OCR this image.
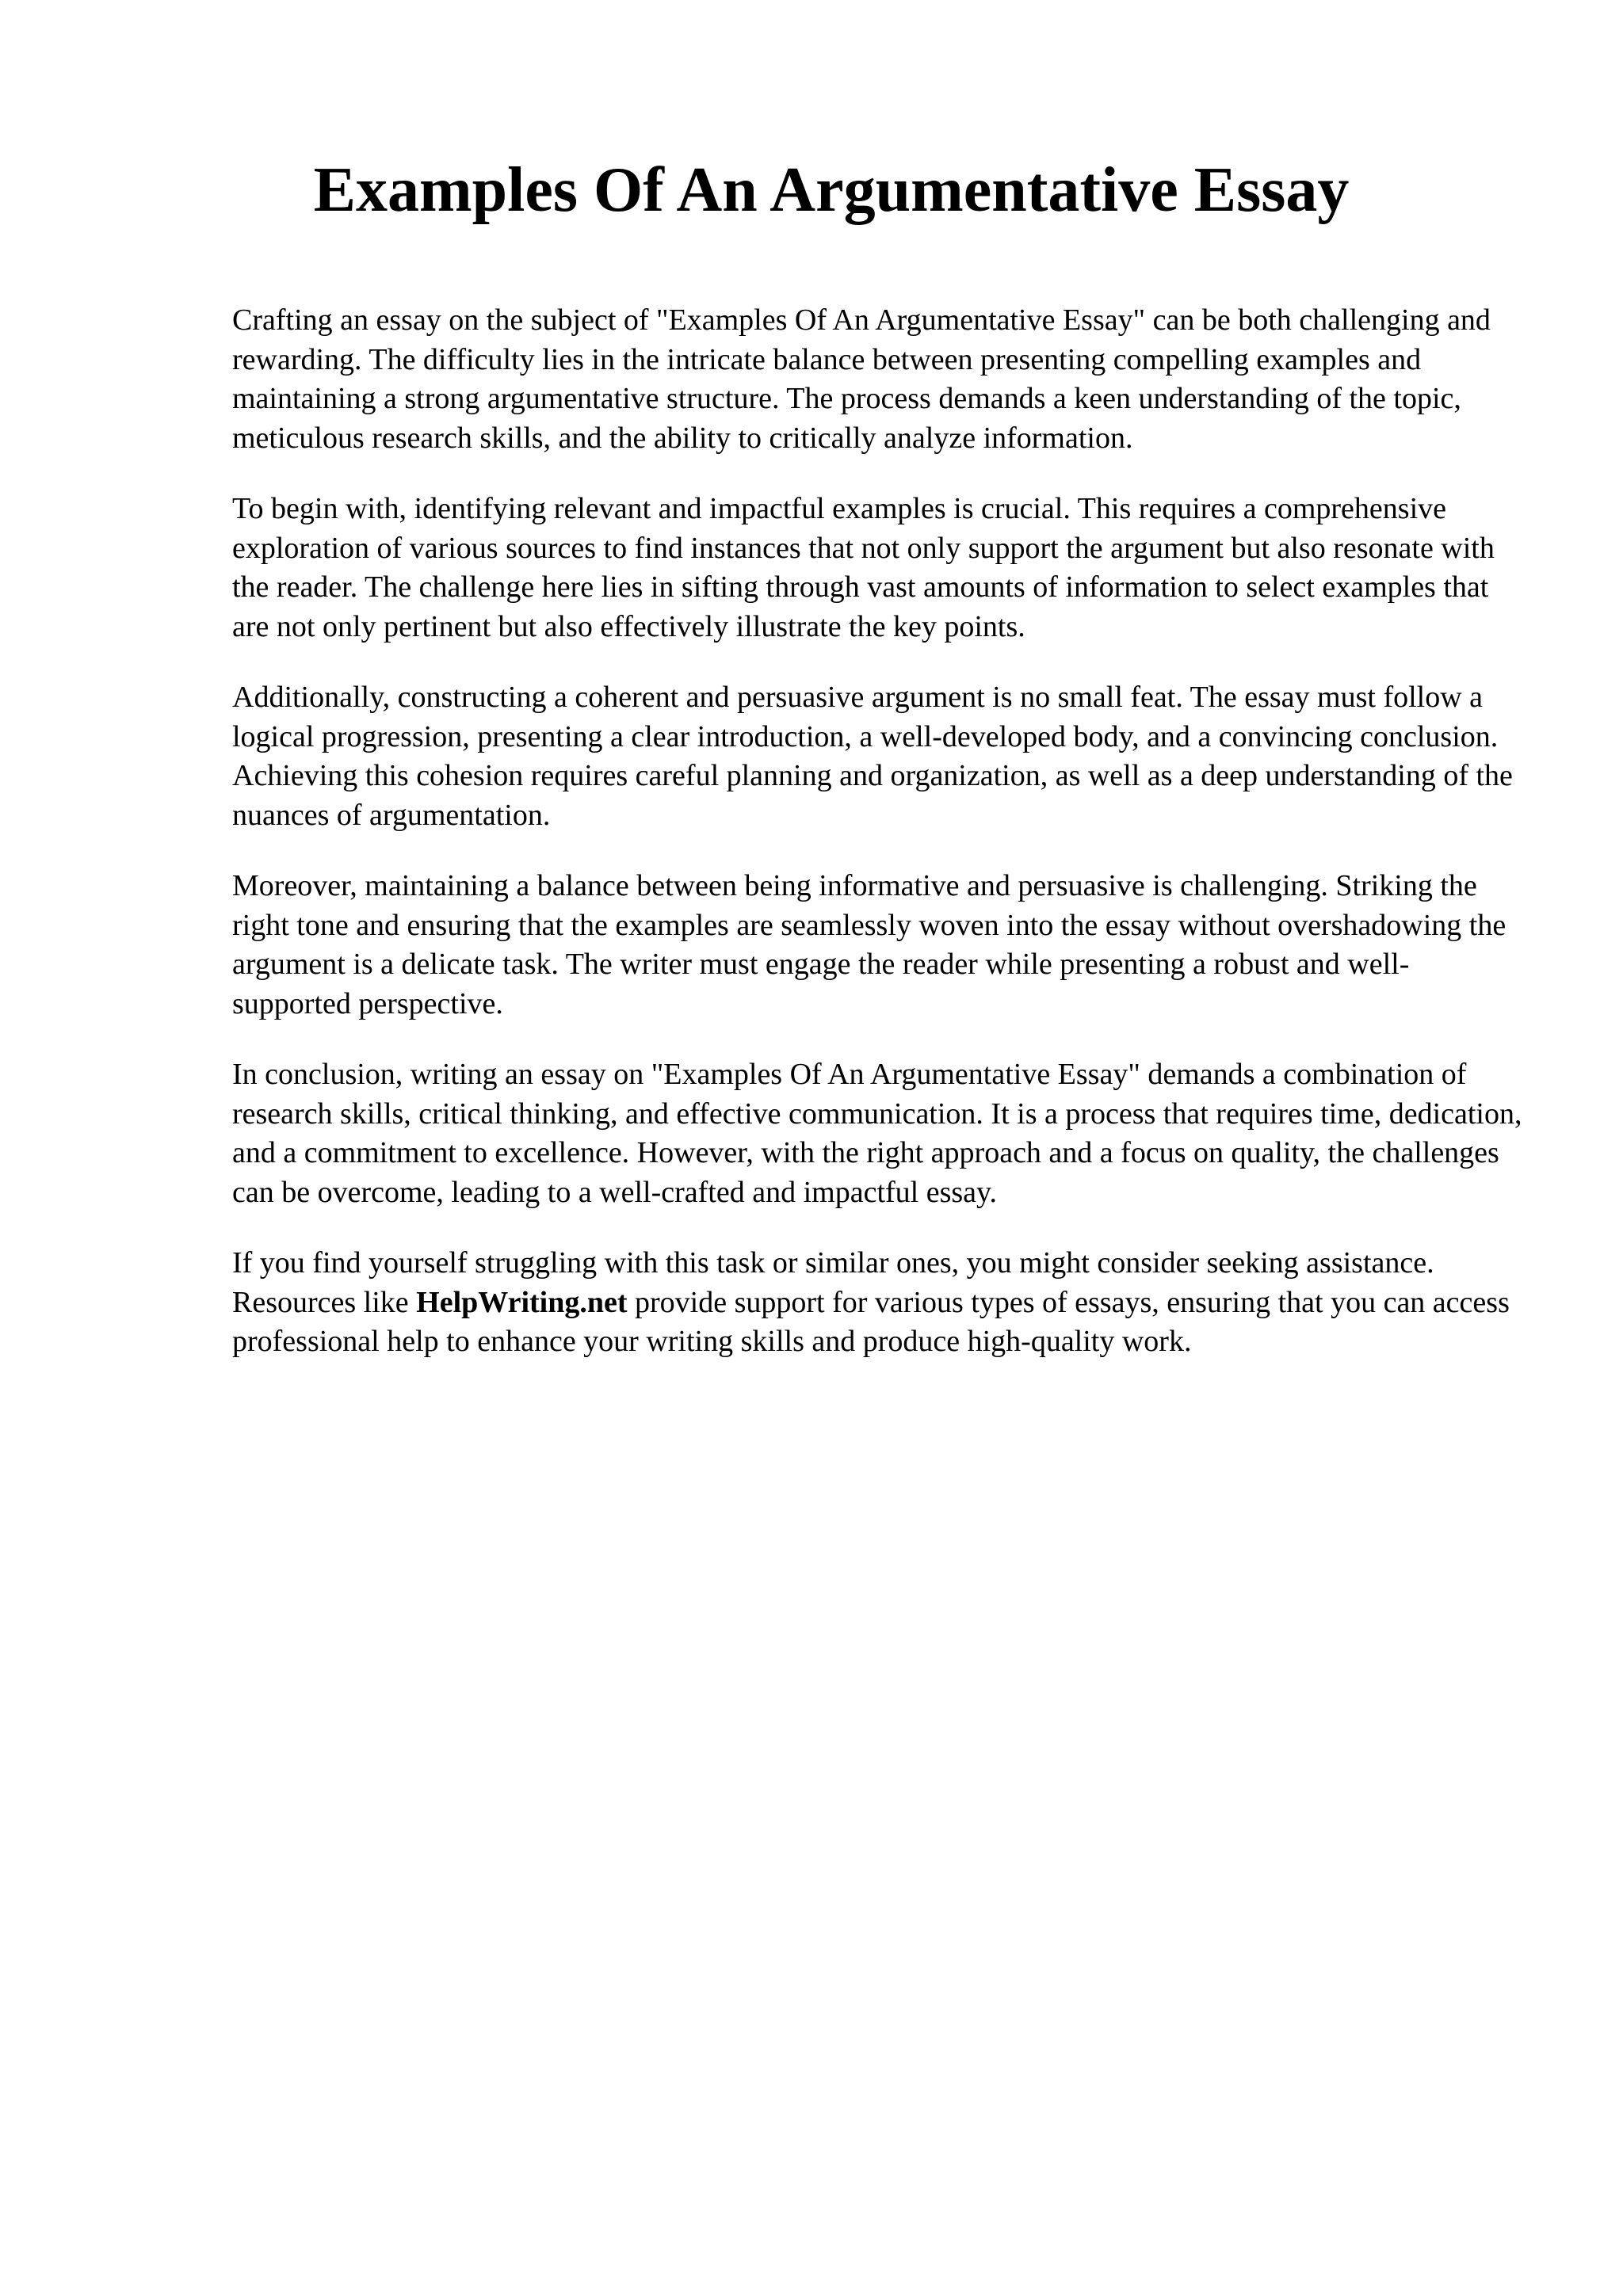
Examples Of An Argumentative Essay

Crafting an essay on the subject of "Examples Of An Argumentative Essay" can be both challenging and rewarding. The difficulty lies in the intricate balance between presenting compelling examples and maintaining a strong argumentative structure. The process demands a keen understanding of the topic, meticulous research skills, and the ability to critically analyze information.

To begin with, identifying relevant and impactful examples is crucial. This requires a comprehensive exploration of various sources to find instances that not only support the argument but also resonate with the reader. The challenge here lies in sifting through vast amounts of information to select examples that are not only pertinent but also effectively illustrate the key points.

Additionally, constructing a coherent and persuasive argument is no small feat. The essay must follow a logical progression, presenting a clear introduction, a well-developed body, and a convincing conclusion. Achieving this cohesion requires careful planning and organization, as well as a deep understanding of the nuances of argumentation.

Moreover, maintaining a balance between being informative and persuasive is challenging. Striking the right tone and ensuring that the examples are seamlessly woven into the essay without overshadowing the argument is a delicate task. The writer must engage the reader while presenting a robust and well-supported perspective.

In conclusion, writing an essay on "Examples Of An Argumentative Essay" demands a combination of research skills, critical thinking, and effective communication. It is a process that requires time, dedication, and a commitment to excellence. However, with the right approach and a focus on quality, the challenges can be overcome, leading to a well-crafted and impactful essay.

If you find yourself struggling with this task or similar ones, you might consider seeking assistance. Resources like HelpWriting.net provide support for various types of essays, ensuring that you can access professional help to enhance your writing skills and produce high-quality work.
